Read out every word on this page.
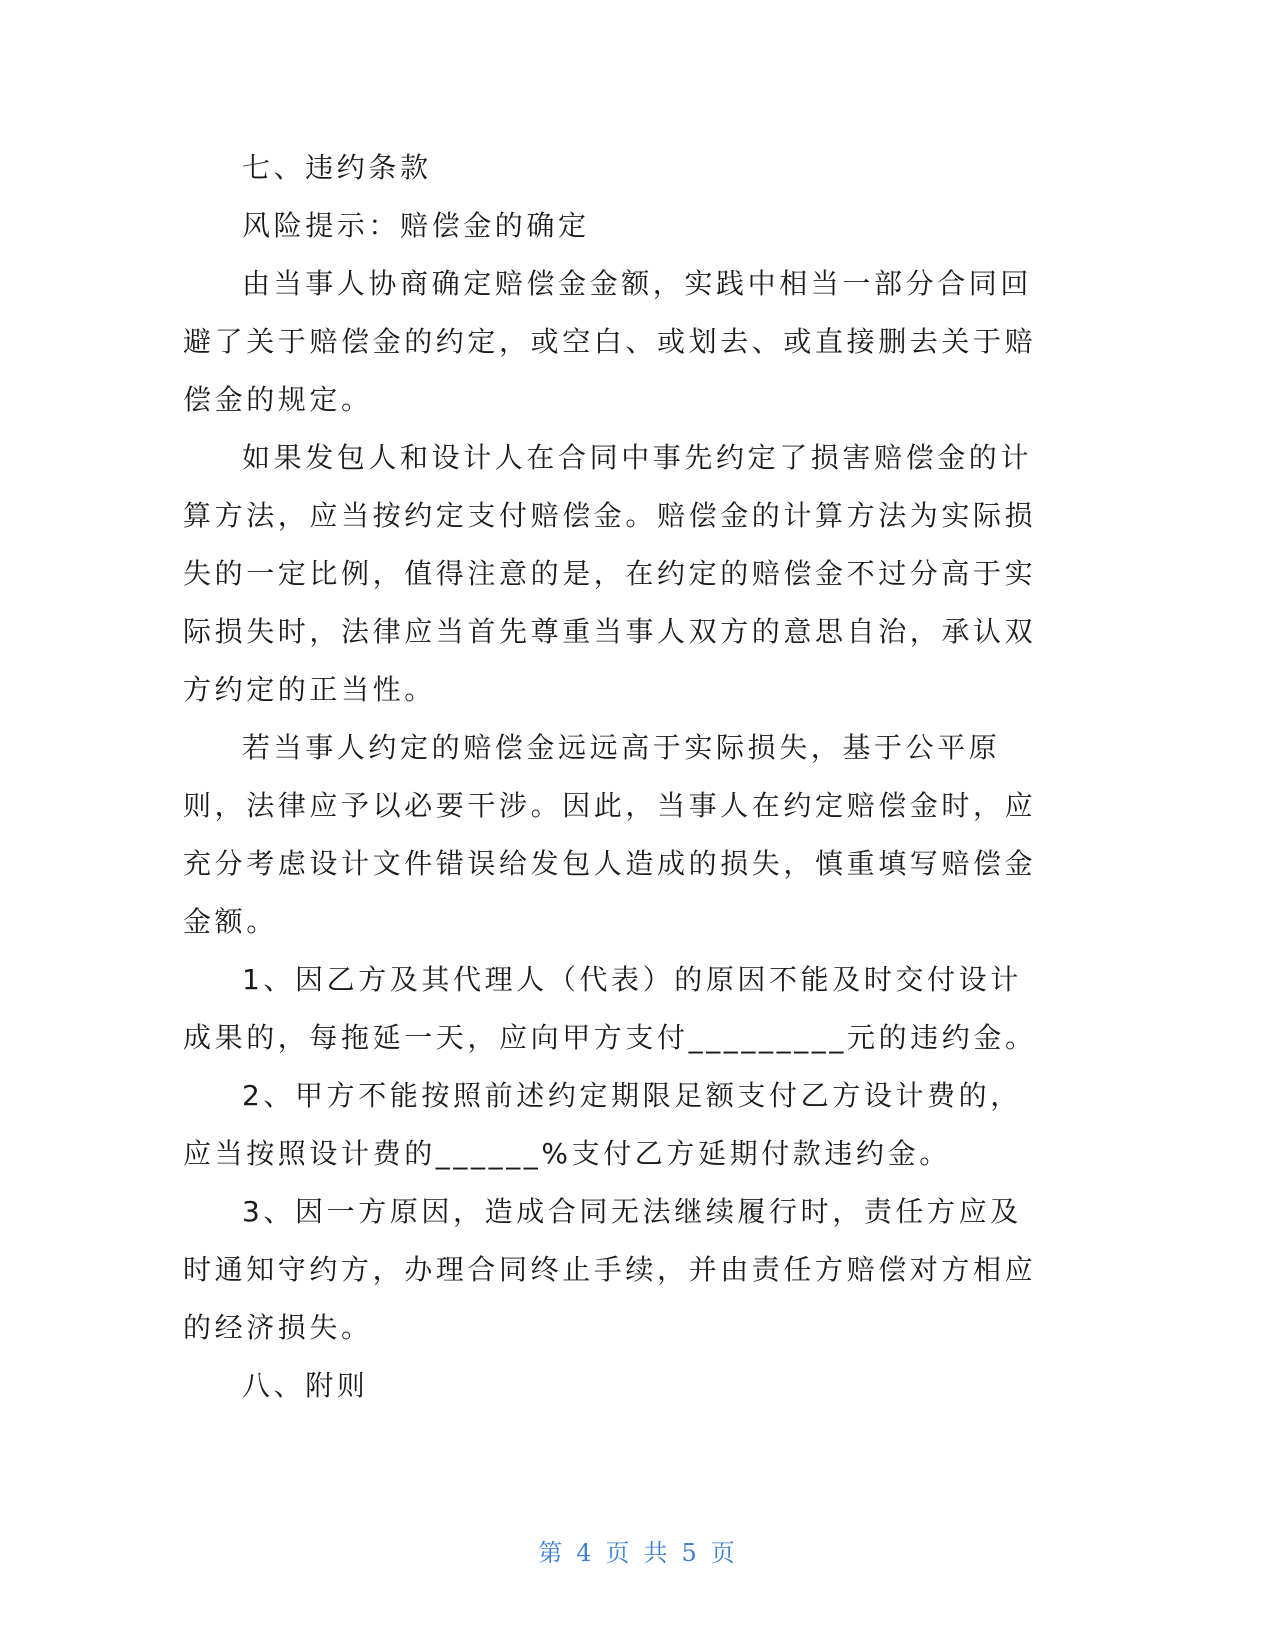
七、违约条款

风险提示：赔偿金的确定

由当事人协商确定赔偿金金额，实践中相当一部分合同回避了关于赔偿金的约定，或空白、或划去、或直接删去关于赔偿金的规定。

如果发包人和设计人在合同中事先约定了损害赔偿金的计算方法，应当按约定支付赔偿金。赔偿金的计算方法为实际损失的一定比例，值得注意的是，在约定的赔偿金不过分高于实际损失时，法律应当首先尊重当事人双方的意思自治，承认双方约定的正当性。

若当事人约定的赔偿金远远高于实际损失，基于公平原则，法律应予以必要干涉。因此，当事人在约定赔偿金时，应充分考虑设计文件错误给发包人造成的损失，慎重填写赔偿金金额。

1、因乙方及其代理人（代表）的原因不能及时交付设计成果的，每拖延一天，应向甲方支付_________元的违约金。

2、甲方不能按照前述约定期限足额支付乙方设计费的，应当按照设计费的______%支付乙方延期付款违约金。

3、因一方原因，造成合同无法继续履行时，责任方应及时通知守约方，办理合同终止手续，并由责任方赔偿对方相应的经济损失。

八、附则

第 4 页 共 5 页
